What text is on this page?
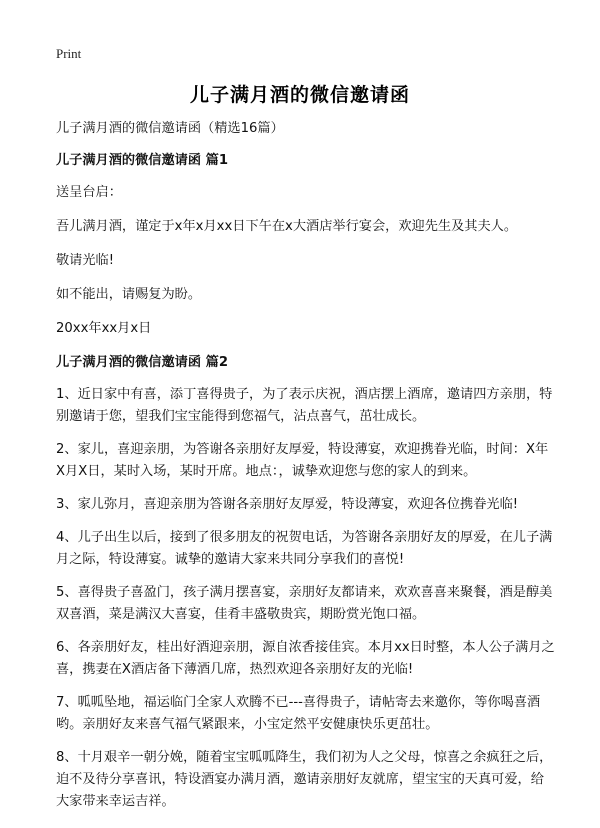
Print
儿子满月酒的微信邀请函

儿子满月酒的微信邀请函（精选16篇）

儿子满月酒的微信邀请函 篇1

送呈台启：

吾儿满月酒，谨定于x年x月xx日下午在x大酒店举行宴会，欢迎先生及其夫人。

敬请光临!

如不能出，请赐复为盼。

20xx年xx月x日

儿子满月酒的微信邀请函 篇2

1、近日家中有喜，添丁喜得贵子，为了表示庆祝，酒店摆上酒席，邀请四方亲朋，特别邀请于您，望我们宝宝能得到您福气，沾点喜气，茁壮成长。

2、家儿，喜迎亲朋，为答谢各亲朋好友厚爱，特设薄宴，欢迎携眷光临，时间：X年X月X日，某时入场，某时开席。地点：，诚挚欢迎您与您的家人的到来。

3、家儿弥月，喜迎亲朋为答谢各亲朋好友厚爱，特设薄宴，欢迎各位携眷光临!

4、儿子出生以后，接到了很多朋友的祝贺电话，为答谢各亲朋好友的厚爱，在儿子满月之际，特设薄宴。诚挚的邀请大家来共同分享我们的喜悦!

5、喜得贵子喜盈门，孩子满月摆喜宴，亲朋好友都请来，欢欢喜喜来聚餐，酒是醇美双喜酒，菜是满汉大喜宴，佳肴丰盛敬贵宾，期盼赏光饱口福。

6、各亲朋好友，桂出好酒迎亲朋，源自浓香接佳宾。本月xx日时整，本人公子满月之喜，携妻在X酒店备下薄酒几席，热烈欢迎各亲朋好友的光临!

7、呱呱坠地，福运临门全家人欢腾不已---喜得贵子，请帖寄去来邀你，等你喝喜酒哟。亲朋好友来喜气福气紧跟来，小宝定然平安健康快乐更茁壮。

8、十月艰辛一朝分娩，随着宝宝呱呱降生，我们初为人之父母，惊喜之余疯狂之后，迫不及待分享喜讯，特设酒宴办满月酒，邀请亲朋好友就席，望宝宝的天真可爱，给大家带来幸运吉祥。
